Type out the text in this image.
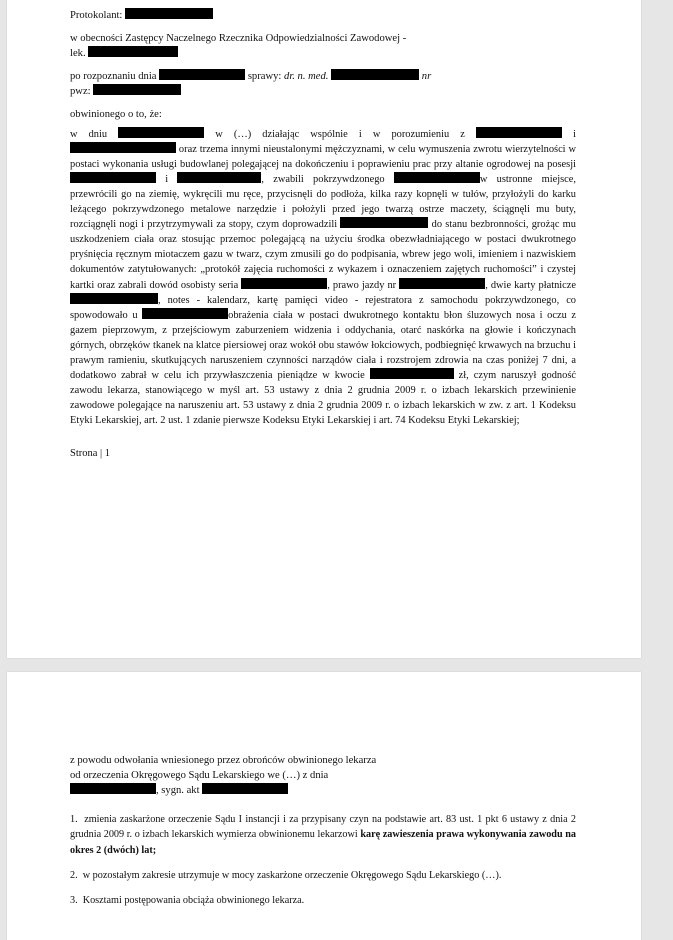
Protokolant:

w obecności Zastępcy Naczelnego Rzecznika Odpowiedzialności Zawodowej -

lek.

po rozpoznaniu dnia	sprawy: dr. n. med.	nr

pwz:

obwinionego o to, że:

w dniu	w (…) działając wspólnie i w porozumieniu z	i  oraz trzema innymi nieustalonymi mężczyznami, w celu wymuszenia zwrotu wierzytelności w postaci wykonania usługi budowlanej polegającej na dokończeniu i poprawieniu prac przy altanie ogrodowej na posesji  i	, zwabili pokrzywdzonego	w ustronne miejsce, przewrócili go na ziemię, wykręcili mu ręce, przycisnęli do podłoża, kilka razy kopnęli w tułów, przyłożyli do karku leżącego pokrzywdzonego metalowe narzędzie i położyli przed jego twarzą ostrze maczety, ściągnęli mu buty, rozciągnęli nogi i przytrzymywali za stopy, czym doprowadzili	do stanu bezbronności, grożąc mu uszkodzeniem ciała oraz stosując przemoc polegającą na użyciu środka obezwładniającego w postaci dwukrotnego pryśnięcia ręcznym miotaczem gazu w twarz, czym zmusili go do podpisania, wbrew jego woli, imieniem i nazwiskiem dokumentów zatytułowanych: „protokół zajęcia ruchomości z wykazem i oznaczeniem zajętych ruchomości” i czystej kartki oraz zabrali dowód osobisty seria	, prawo jazdy nr	, dwie karty płatnicze , notes - kalendarz, kartę pamięci video - rejestratora z samochodu pokrzywdzonego, co spowodowało u	obrażenia ciała w postaci dwukrotnego kontaktu błon śluzowych nosa i oczu z gazem pieprzowym, z przejściowym zaburzeniem widzenia i oddychania, otarć naskórka na głowie i kończynach górnych, obrzęków tkanek na klatce piersiowej oraz wokół obu stawów łokciowych, podbiegnięć krwawych na brzuchu i prawym ramieniu, skutkujących naruszeniem czynności narządów ciała i rozstrojem zdrowia na czas poniżej 7 dni, a dodatkowo zabrał w celu ich przywłaszczenia pieniądze w kwocie	zł, czym naruszył godność zawodu lekarza, stanowiącego w myśl art. 53 ustawy z dnia 2 grudnia 2009 r. o izbach lekarskich przewinienie zawodowe polegające na naruszeniu art. 53 ustawy z dnia 2 grudnia 2009 r. o izbach lekarskich w zw. z art. 1 Kodeksu Etyki Lekarskiej, art. 2 ust. 1 zdanie pierwsze Kodeksu Etyki Lekarskiej i art. 74 Kodeksu Etyki Lekarskiej;

Strona | 1

z powodu odwołania wniesionego przez obrońców obwinionego lekarza

od orzeczenia Okręgowego Sądu Lekarskiego we (…) z dnia

, sygn. akt

1. zmienia zaskarżone orzeczenie Sądu I instancji i za przypisany czyn na podstawie art. 83 ust. 1 pkt 6 ustawy z dnia 2 grudnia 2009 r. o izbach lekarskich wymierza obwinionemu lekarzowi karę zawieszenia prawa wykonywania zawodu na okres 2 (dwóch) lat;

2. w pozostałym zakresie utrzymuje w mocy zaskarżone orzeczenie Okręgowego Sądu Lekarskiego (…).

3. Kosztami postępowania obciąża obwinionego lekarza.
